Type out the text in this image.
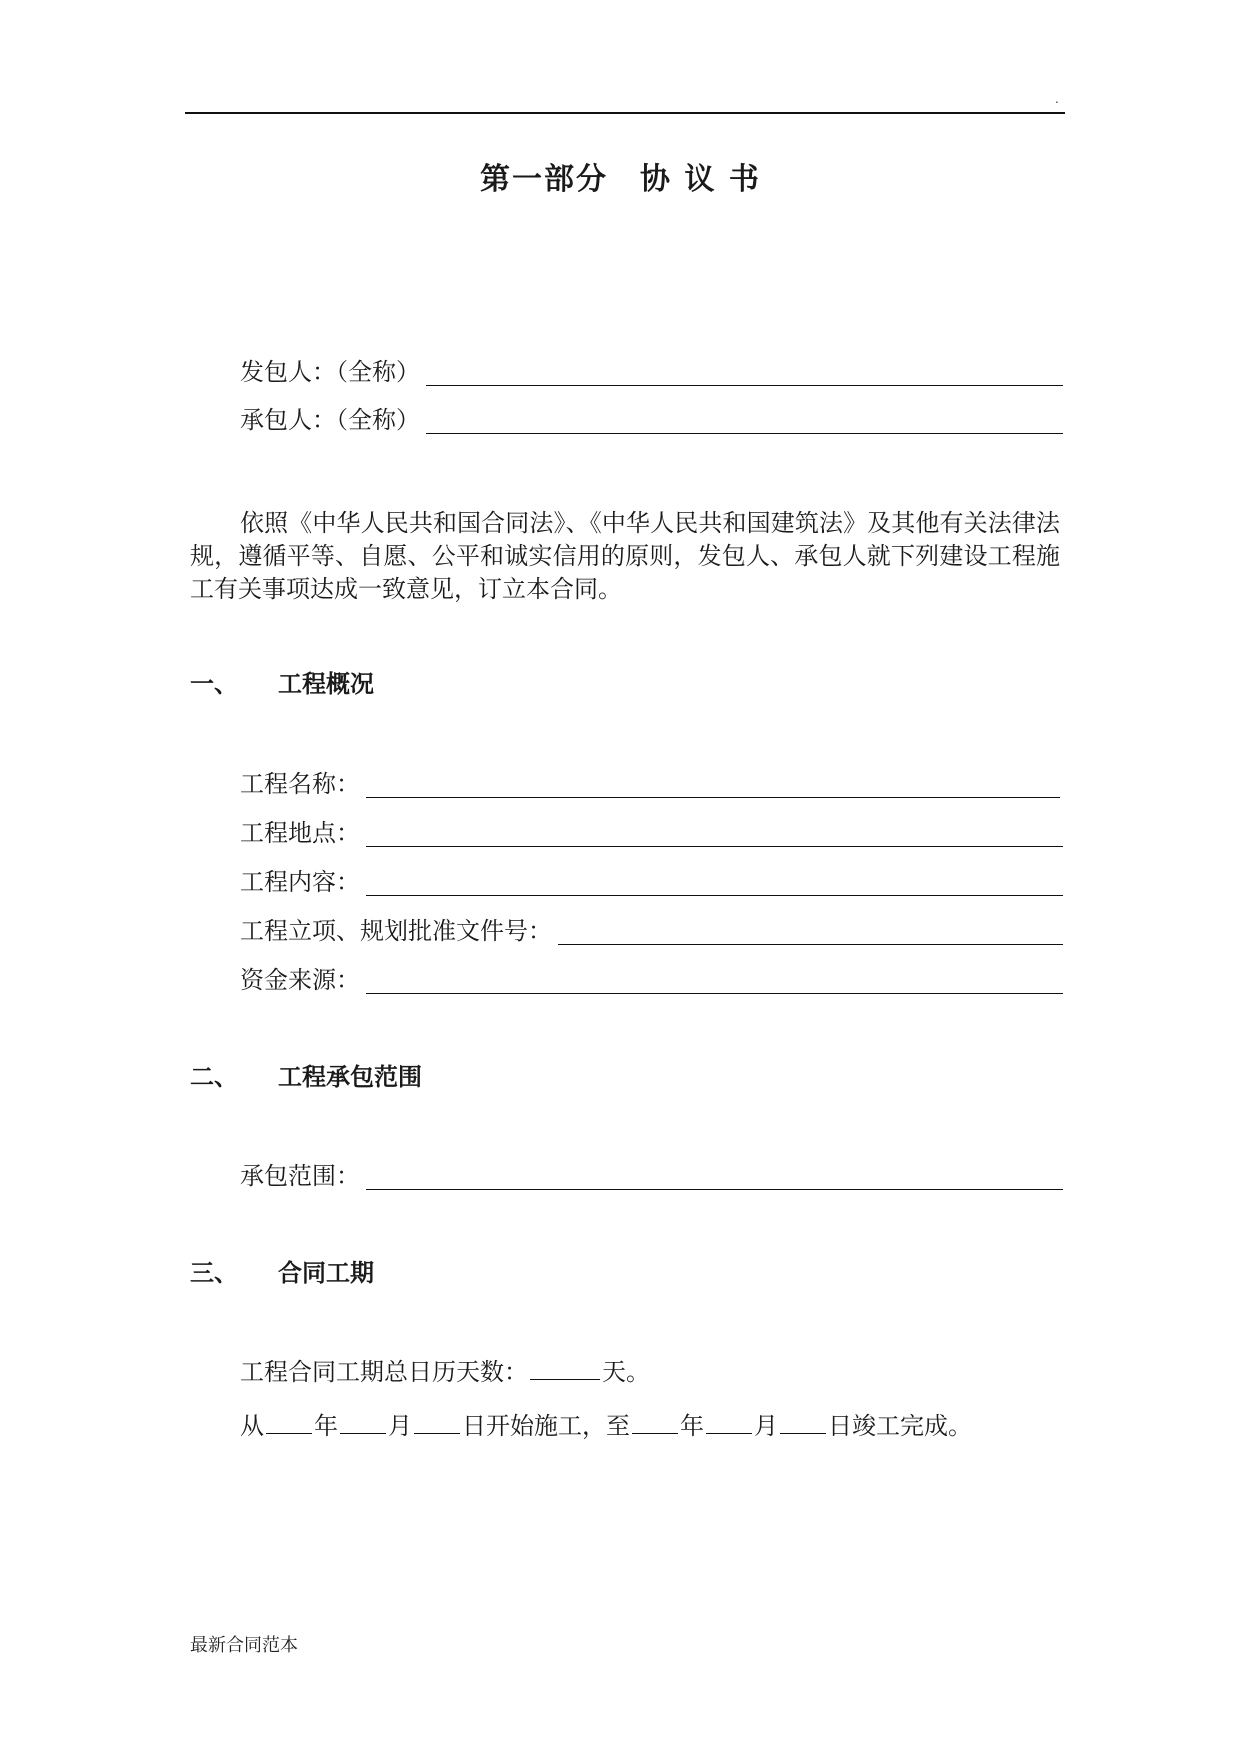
.
第一部分　协 议 书
发包人：（全称）
承包人：（全称）
依照《中华人民共和国合同法》、《中华人民共和国建筑法》及其他有关法律法规，遵循平等、自愿、公平和诚实信用的原则，发包人、承包人就下列建设工程施工有关事项达成一致意见，订立本合同。
一、 工程概况
工程名称：
工程地点：
工程内容：
工程立项、规划批准文件号：
资金来源：
二、 工程承包范围
承包范围：
三、 合同工期
工程合同工期总日历天数：	天。
从 年 月 日开始施工，至 年 月 日竣工完成。
最新合同范本
